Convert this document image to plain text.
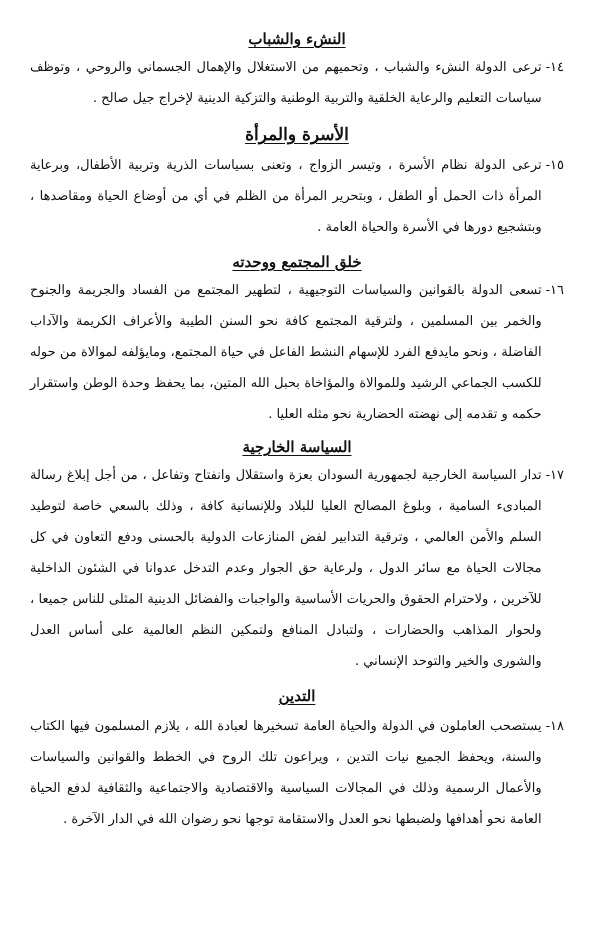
النشء والشباب
١٤-
ترعى الدولة النشء والشباب ، وتحميهم من الاستغلال والإهمال الجسماني والروحي ، وتوظف سياسات التعليم والرعاية الخلقية والتربية الوطنية والتزكية الدينية لإخراج جيل صالح .
الأسرة والمرأة
١٥-
ترعى الدولة نظام الأسرة ، وتيسر الزواج ، وتعنى بسياسات الذرية وتربية الأطفال، وبرعاية المرأة ذات الحمل أو الطفل ، وبتحرير المرأة من الظلم في أي من أوضاع الحياة ومقاصدها ، وبتشجيع دورها في الأسرة والحياة العامة .
خلق المجتمع ووحدته
١٦-
تسعى الدولة بالقوانين والسياسات التوجيهية ، لتطهير المجتمع من الفساد والجريمة والجنوح والخمر بين المسلمين ، ولترقية المجتمع كافة نحو السنن الطيبة والأعراف الكريمة والآداب الفاضلة ، ونحو مايدفع الفرد للإسهام النشط الفاعل في حياة المجتمع، ومايؤلفه لموالاة من حوله للكسب الجماعي الرشيد وللموالاة والمؤاخاة بحبل الله المتين، بما يحفظ وحدة الوطن واستقرار حكمه و تقدمه إلى نهضته الحضارية نحو مثله العليا .
السياسة الخارجية
١٧-
تدار السياسة الخارجية لجمهورية السودان بعزة واستقلال وانفتاح وتفاعل ، من أجل إبلاغ رسالة المبادىء السامية ، وبلوغ المصالح العليا للبلاد وللإنسانية كافة ، وذلك بالسعي خاصة لتوطيد السلم والأمن العالمي ، وترقية التدابير لفض المنازعات الدولية بالحسنى ودفع التعاون في كل مجالات الحياة مع سائر الدول ، ولرعاية حق الجوار وعدم التدخل عدوانا في الشئون الداخلية للآخرين ، ولاحترام الحقوق والحريات الأساسية والواجبات والفضائل الدينية المثلى للناس جميعا ، ولحوار المذاهب والحضارات ، ولتبادل المنافع ولتمكين النظم العالمية على أساس العدل والشورى والخير والتوحد الإنساني .
التدين
١٨-
يستصحب العاملون في الدولة والحياة العامة تسخيرها لعبادة الله ، يلازم المسلمون فيها الكتاب والسنة، ويحفظ الجميع نيات التدين ، ويراعون تلك الروح في الخطط والقوانين والسياسات والأعمال الرسمية وذلك في المجالات السياسية والاقتصادية والاجتماعية والثقافية لدفع الحياة العامة نحو أهدافها ولضبطها نحو العدل والاستقامة توجها نحو رضوان الله في الدار الآخرة .
